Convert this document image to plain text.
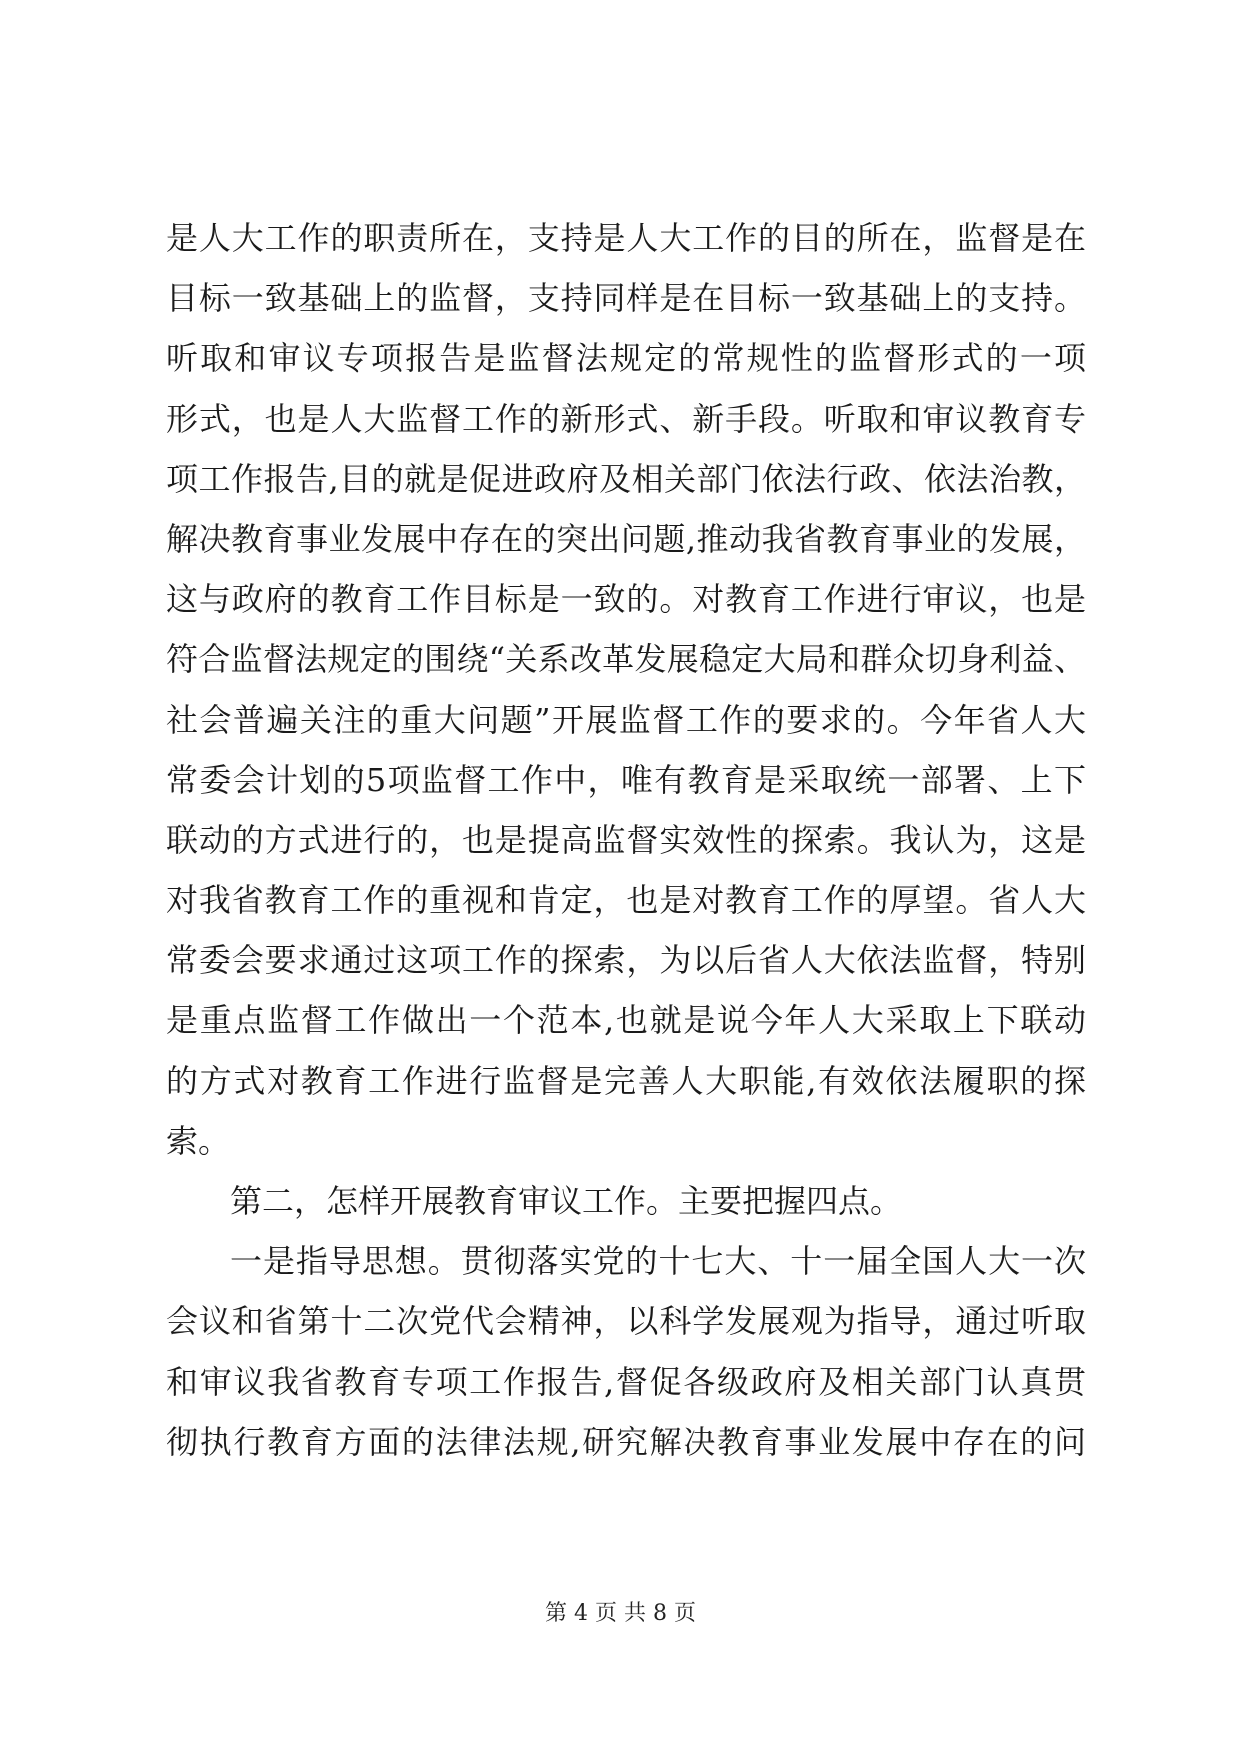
是人大工作的职责所在，支持是人大工作的目的所在，监督是在
目标一致基础上的监督，支持同样是在目标一致基础上的支持。
听取和审议专项报告是监督法规定的常规性的监督形式的一项
形式，也是人大监督工作的新形式、新手段。听取和审议教育专
项工作报告,目的就是促进政府及相关部门依法行政、依法治教，
解决教育事业发展中存在的突出问题,推动我省教育事业的发展，
这与政府的教育工作目标是一致的。对教育工作进行审议，也是
符合监督法规定的围绕“关系改革发展稳定大局和群众切身利益、
社会普遍关注的重大问题”开展监督工作的要求的。今年省人大
常委会计划的5项监督工作中，唯有教育是采取统一部署、上下
联动的方式进行的，也是提高监督实效性的探索。我认为，这是
对我省教育工作的重视和肯定，也是对教育工作的厚望。省人大
常委会要求通过这项工作的探索，为以后省人大依法监督，特别
是重点监督工作做出一个范本,也就是说今年人大采取上下联动
的方式对教育工作进行监督是完善人大职能,有效依法履职的探
索。
第二，怎样开展教育审议工作。主要把握四点。
一是指导思想。贯彻落实党的十七大、十一届全国人大一次
会议和省第十二次党代会精神，以科学发展观为指导，通过听取
和审议我省教育专项工作报告,督促各级政府及相关部门认真贯
彻执行教育方面的法律法规,研究解决教育事业发展中存在的问
第 4 页 共 8 页
